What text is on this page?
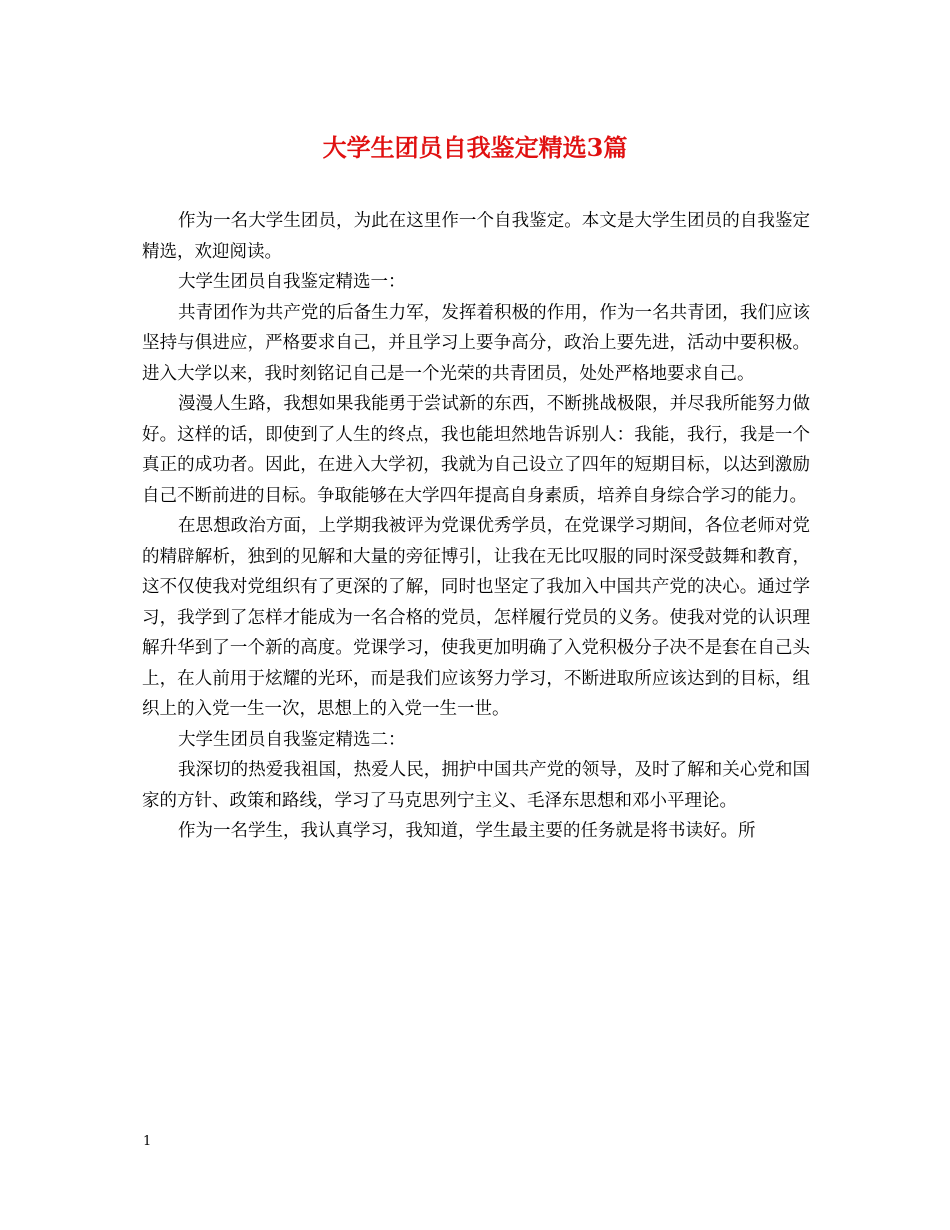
大学生团员自我鉴定精选3篇

作为一名大学生团员，为此在这里作一个自我鉴定。本文是大学生团员的自我鉴定精选，欢迎阅读。

大学生团员自我鉴定精选一：

共青团作为共产党的后备生力军，发挥着积极的作用，作为一名共青团，我们应该坚持与俱进应，严格要求自己，并且学习上要争高分，政治上要先进，活动中要积极。进入大学以来，我时刻铭记自己是一个光荣的共青团员，处处严格地要求自己。

漫漫人生路，我想如果我能勇于尝试新的东西，不断挑战极限，并尽我所能努力做好。这样的话，即使到了人生的终点，我也能坦然地告诉别人：我能，我行，我是一个真正的成功者。因此，在进入大学初，我就为自己设立了四年的短期目标，以达到激励自己不断前进的目标。争取能够在大学四年提高自身素质，培养自身综合学习的能力。

在思想政治方面，上学期我被评为党课优秀学员，在党课学习期间，各位老师对党的精辟解析，独到的见解和大量的旁征博引，让我在无比叹服的同时深受鼓舞和教育，这不仅使我对党组织有了更深的了解，同时也坚定了我加入中国共产党的决心。通过学习，我学到了怎样才能成为一名合格的党员，怎样履行党员的义务。使我对党的认识理解升华到了一个新的高度。党课学习，使我更加明确了入党积极分子决不是套在自己头上，在人前用于炫耀的光环，而是我们应该努力学习，不断进取所应该达到的目标，组织上的入党一生一次，思想上的入党一生一世。

大学生团员自我鉴定精选二：

我深切的热爱我祖国，热爱人民，拥护中国共产党的领导，及时了解和关心党和国家的方针、政策和路线，学习了马克思列宁主义、毛泽东思想和邓小平理论。

作为一名学生，我认真学习，我知道，学生最主要的任务就是将书读好。所

1
